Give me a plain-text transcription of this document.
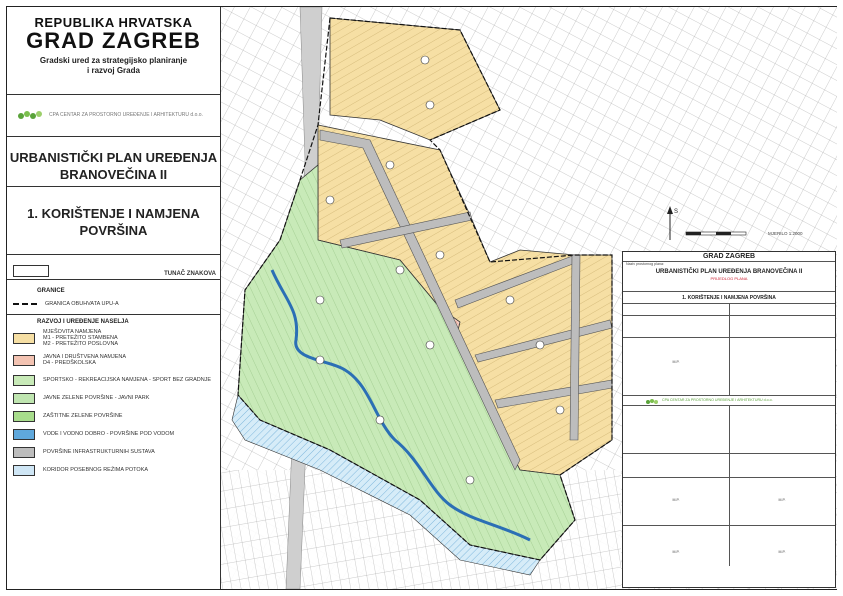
REPUBLIKA HRVATSKA
GRAD ZAGREB
Gradski ured za strategijsko planiranje
i razvoj Grada
CPA CENTAR ZA PROSTORNO UREĐENJE I ARHITEKTURU d.o.o.
URBANISTIČKI PLAN UREĐENJA
BRANOVEČINA II
1. KORIŠTENJE I NAMJENA
POVRŠINA
TUNAČ ZNAKOVA
GRANICE
GRANICA OBUHVATA UPU-A
RAZVOJ I UREĐENJE NASELJA
MJEŠOVITA NAMJENA
M1 - PRETEŽITO STAMBENA
M2 - PRETEŽITO POSLOVNA
JAVNA I DRUŠTVENA NAMJENA
D4 - PREDŠKOLSKA
SPORTSKO - REKREACIJSKA NAMJENA - SPORT BEZ GRADNJE
JAVNE ZELENE POVRŠINE - JAVNI PARK
ZAŠTITNE ZELENE POVRŠINE
VODE I VODNO DOBRO - POVRŠINE POD VODOM
POVRŠINE INFRASTRUKTURNIH SUSTAVA
KORIDOR POSEBNOG REŽIMA POTOKA
S
MJERILO 1:2000
GRAD ZAGREB
Naziv prostornog plana:
URBANISTIČKI PLAN UREĐENJA BRANOVEČINA II
PRIJEDLOG PLANA
1. KORIŠTENJE I NAMJENA POVRŠINA
M.P.
CPA CENTAR ZA PROSTORNO UREĐENJE I ARHITEKTURU d.o.o.
M.P.	M.P.
M.P.	M.P.
